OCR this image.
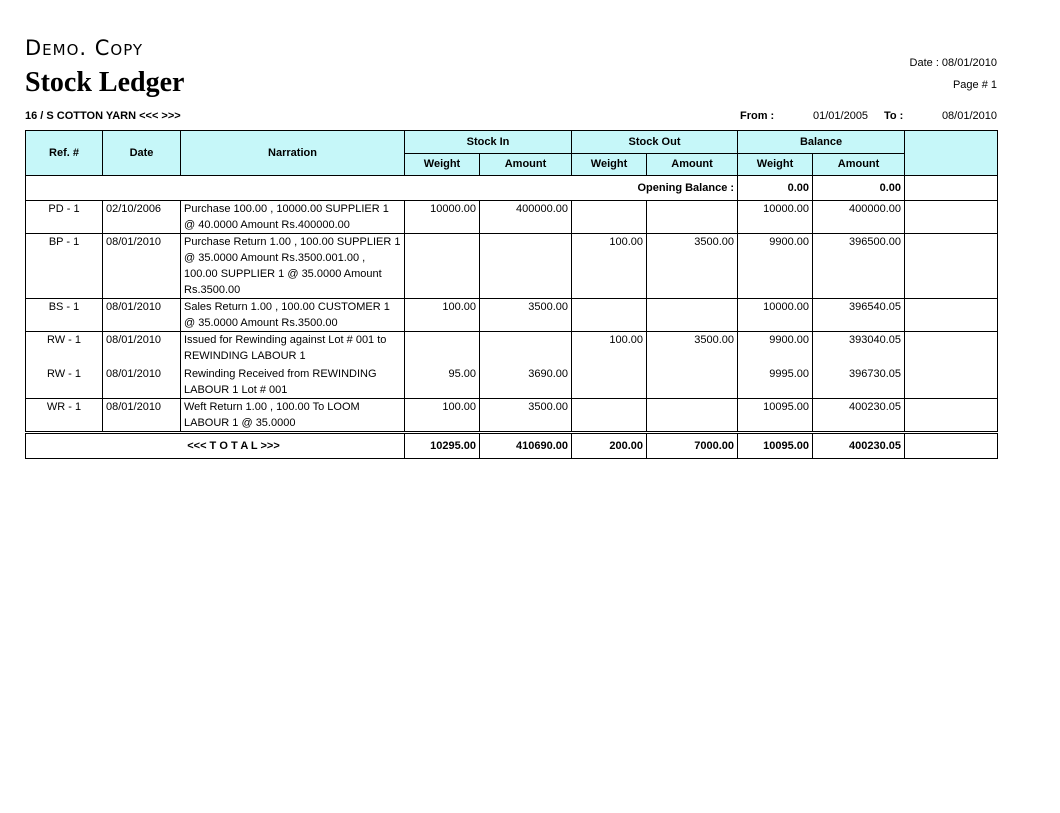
Demo. Copy
Stock Ledger
Date : 08/01/2010
Page # 1
16 / S COTTON YARN <<< >>>	From :	01/01/2005 To :	08/01/2010
Ref. #	Date	Narration	Stock In		Stock Out		Balance		
			Weight	Amount	Weight	Amount	Weight	Amount	
Opening Balance :							0.00	0.00	
PD - 1	02/10/2006	Purchase 100.00 , 10000.00 SUPPLIER 1 @ 40.0000 Amount Rs.400000.00	10000.00	400000.00			10000.00	400000.00	
BP - 1	08/01/2010	Purchase Return 1.00 , 100.00 SUPPLIER 1 @ 35.0000 Amount Rs.3500.001.00 , 100.00 SUPPLIER 1 @ 35.0000 Amount Rs.3500.00			100.00	3500.00	9900.00	396500.00	
BS - 1	08/01/2010	Sales Return 1.00 , 100.00 CUSTOMER 1 @ 35.0000 Amount Rs.3500.00	100.00	3500.00			10000.00	396540.05	
RW - 1	08/01/2010	Issued for Rewinding against Lot # 001 to REWINDING LABOUR 1			100.00	3500.00	9900.00	393040.05	
RW - 1	08/01/2010	Rewinding Received from REWINDING LABOUR 1 Lot # 001	95.00	3690.00			9995.00	396730.05	
WR - 1	08/01/2010	Weft Return 1.00 , 100.00 To LOOM LABOUR 1 @ 35.0000	100.00	3500.00			10095.00	400230.05	
<<< T O T A L >>>			10295.00	410690.00	200.00	7000.00	10095.00	400230.05	
